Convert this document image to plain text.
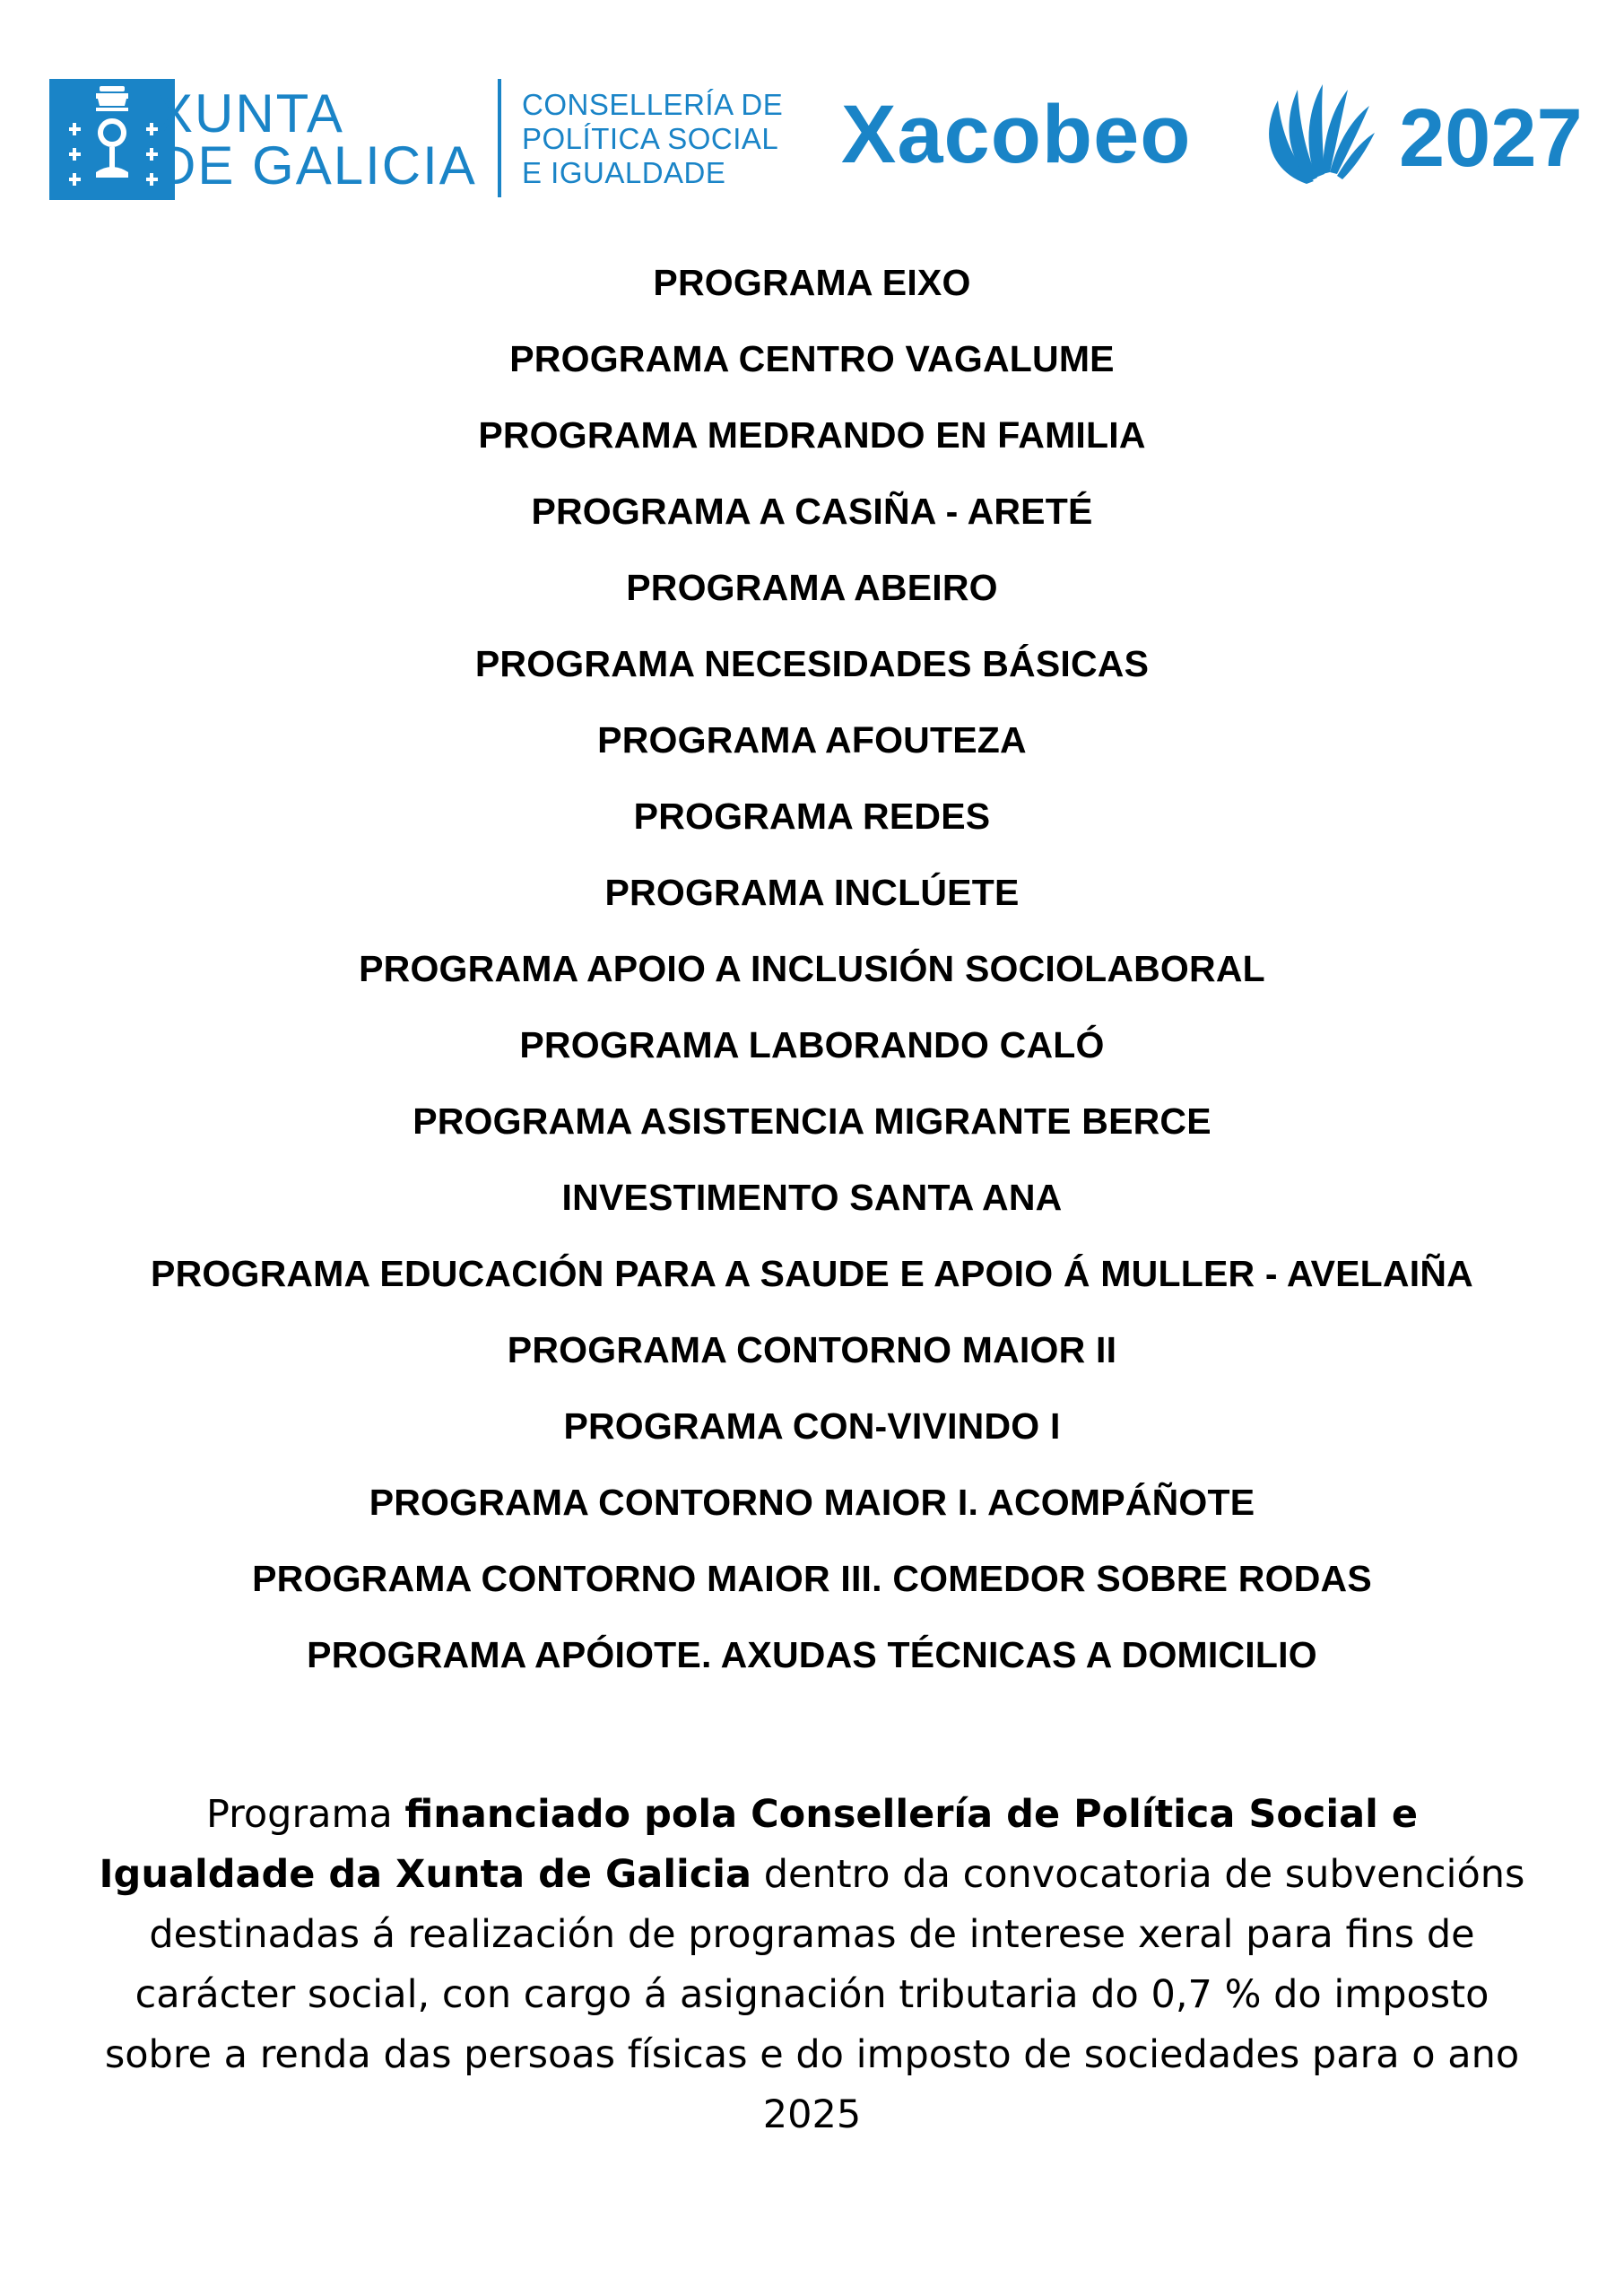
XUNTA
DE GALICIA
CONSELLERÍA DE
POLÍTICA SOCIAL
E IGUALDADE	Xacobeo	2027
PROGRAMA EIXO
PROGRAMA CENTRO VAGALUME
PROGRAMA MEDRANDO EN FAMILIA
PROGRAMA A CASIÑA - ARETÉ
PROGRAMA ABEIRO
PROGRAMA NECESIDADES BÁSICAS
PROGRAMA AFOUTEZA
PROGRAMA REDES
PROGRAMA INCLÚETE
PROGRAMA APOIO A INCLUSIÓN SOCIOLABORAL
PROGRAMA LABORANDO CALÓ
PROGRAMA ASISTENCIA MIGRANTE BERCE
INVESTIMENTO SANTA ANA
PROGRAMA EDUCACIÓN PARA A SAUDE E APOIO Á MULLER - AVELAIÑA
PROGRAMA CONTORNO MAIOR II
PROGRAMA CON-VIVINDO I
PROGRAMA CONTORNO MAIOR I. ACOMPÁÑOTE
PROGRAMA CONTORNO MAIOR III. COMEDOR SOBRE RODAS
PROGRAMA APÓIOTE. AXUDAS TÉCNICAS A DOMICILIO
Programa financiado pola Consellería de Política Social e Igualdade da Xunta de Galicia dentro da convocatoria de subvencións destinadas á realización de programas de interese xeral para fins de carácter social, con cargo á asignación tributaria do 0,7 % do imposto sobre a renda das persoas físicas e do imposto de sociedades para o ano 2025
